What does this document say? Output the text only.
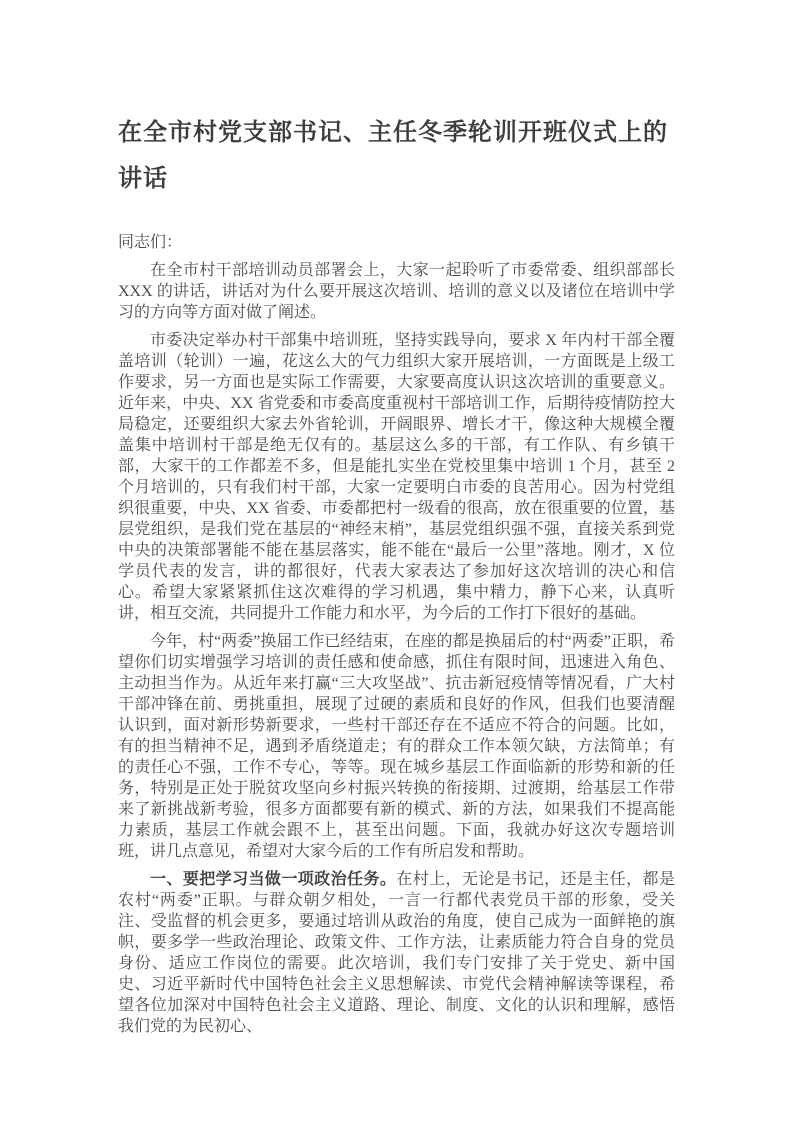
在全市村党支部书记、主任冬季轮训开班仪式上的讲话

同志们：

在全市村干部培训动员部署会上，大家一起聆听了市委常委、组织部部长 XXX 的讲话，讲话对为什么要开展这次培训、培训的意义以及诸位在培训中学习的方向等方面对做了阐述。

市委决定举办村干部集中培训班，坚持实践导向，要求 X 年内村干部全覆盖培训（轮训）一遍，花这么大的气力组织大家开展培训，一方面既是上级工作要求，另一方面也是实际工作需要，大家要高度认识这次培训的重要意义。近年来，中央、XX 省党委和市委高度重视村干部培训工作，后期待疫情防控大局稳定，还要组织大家去外省轮训，开阔眼界、增长才干，像这种大规模全覆盖集中培训村干部是绝无仅有的。基层这么多的干部，有工作队、有乡镇干部，大家干的工作都差不多，但是能扎实坐在党校里集中培训 1 个月，甚至 2 个月培训的，只有我们村干部，大家一定要明白市委的良苦用心。因为村党组织很重要，中央、XX 省委、市委都把村一级看的很高，放在很重要的位置，基层党组织，是我们党在基层的“神经末梢”，基层党组织强不强，直接关系到党中央的决策部署能不能在基层落实，能不能在“最后一公里”落地。刚才，X 位学员代表的发言，讲的都很好，代表大家表达了参加好这次培训的决心和信心。希望大家紧紧抓住这次难得的学习机遇，集中精力，静下心来，认真听讲，相互交流，共同提升工作能力和水平，为今后的工作打下很好的基础。

今年，村“两委”换届工作已经结束，在座的都是换届后的村“两委”正职，希望你们切实增强学习培训的责任感和使命感，抓住有限时间，迅速进入角色、主动担当作为。从近年来打赢“三大攻坚战”、抗击新冠疫情等情况看，广大村干部冲锋在前、勇挑重担，展现了过硬的素质和良好的作风，但我们也要清醒认识到，面对新形势新要求，一些村干部还存在不适应不符合的问题。比如，有的担当精神不足，遇到矛盾绕道走；有的群众工作本领欠缺，方法简单；有的责任心不强，工作不专心，等等。现在城乡基层工作面临新的形势和新的任务，特别是正处于脱贫攻坚向乡村振兴转换的衔接期、过渡期，给基层工作带来了新挑战新考验，很多方面都要有新的模式、新的方法，如果我们不提高能力素质，基层工作就会跟不上，甚至出问题。下面，我就办好这次专题培训班，讲几点意见，希望对大家今后的工作有所启发和帮助。

一、要把学习当做一项政治任务。在村上，无论是书记，还是主任，都是农村“两委”正职。与群众朝夕相处，一言一行都代表党员干部的形象，受关注、受监督的机会更多，要通过培训从政治的角度，使自己成为一面鲜艳的旗帜，要多学一些政治理论、政策文件、工作方法，让素质能力符合自身的党员身份、适应工作岗位的需要。此次培训，我们专门安排了关于党史、新中国史、习近平新时代中国特色社会主义思想解读、市党代会精神解读等课程，希望各位加深对中国特色社会主义道路、理论、制度、文化的认识和理解，感悟我们党的为民初心、
